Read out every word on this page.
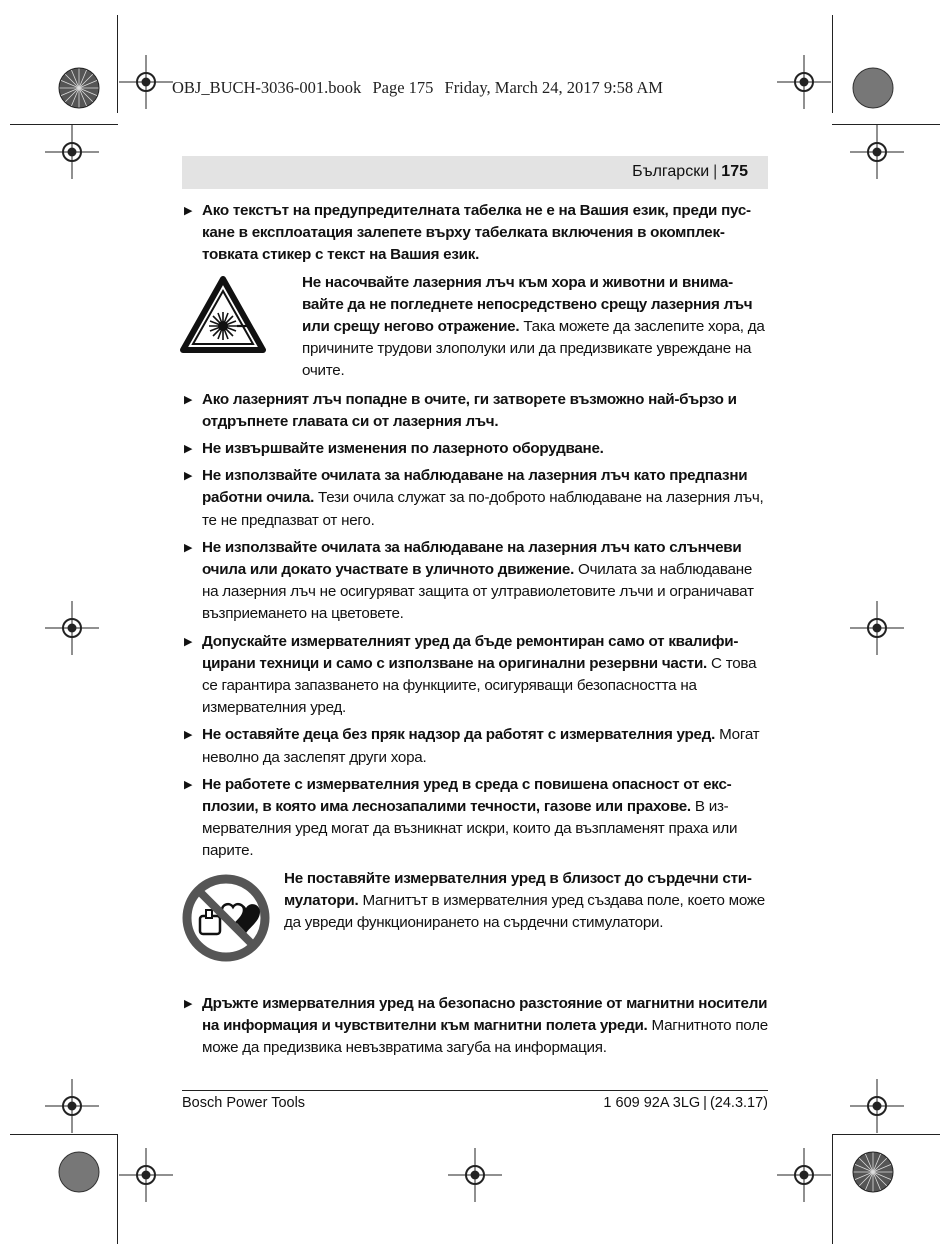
OBJ_BUCH-3036-001.book Page 175 Friday, March 24, 2017 9:58 AM
Български | 175
▶ Ако текстът на предупредителната табелка не е на Вашия език, преди пускане в експлоатация залепете върху табелката включения в окомплектовката стикер с текст на Вашия език.
Не насочвайте лазерния лъч към хора и животни и внимавайте да не погледнете непосредствено срещу лазерния лъч или срещу негово отражение. Така можете да заслепите хора, да причините трудови злополуки или да предизвикате увреждане на очите.
▶ Ако лазерният лъч попадне в очите, ги затворете възможно най-бързо и отдръпнете главата си от лазерния лъч.
▶ Не извършвайте изменения по лазерното оборудване.
▶ Не използвайте очилата за наблюдаване на лазерния лъч като предпазни работни очила. Тези очила служат за по-доброто наблюдаване на лазерния лъч, те не предпазват от него.
▶ Не използвайте очилата за наблюдаване на лазерния лъч като слънчеви очила или докато участвате в уличното движение. Очилата за наблюдаване на лазерния лъч не осигуряват защита от ултравиолетовите лъчи и ограничават възприемането на цветовете.
▶ Допускайте измервателният уред да бъде ремонтиран само от квалифицирани техници и само с използване на оригинални резервни части. С това се гарантира запазването на функциите, осигуряващи безопасността на измервателния уред.
▶ Не оставяйте деца без пряк надзор да работят с измервателния уред. Могат неволно да заслепят други хора.
▶ Не работете с измервателния уред в среда с повишена опасност от експлозии, в която има леснозапалими течности, газове или прахове. В измервателния уред могат да възникнат искри, които да възпламенят праха или парите.
Не поставяйте измервателния уред в близост до сърдечни стимулатори. Магнитът в измервателния уред създава поле, което може да увреди функционирането на сърдечни стимулатори.
▶ Дръжте измервателния уред на безопасно разстояние от магнитни носители на информация и чувствителни към магнитни полета уреди. Магнитното поле може да предизвика невъзвратима загуба на информация.
Bosch Power Tools	1 609 92A 3LG | (24.3.17)
